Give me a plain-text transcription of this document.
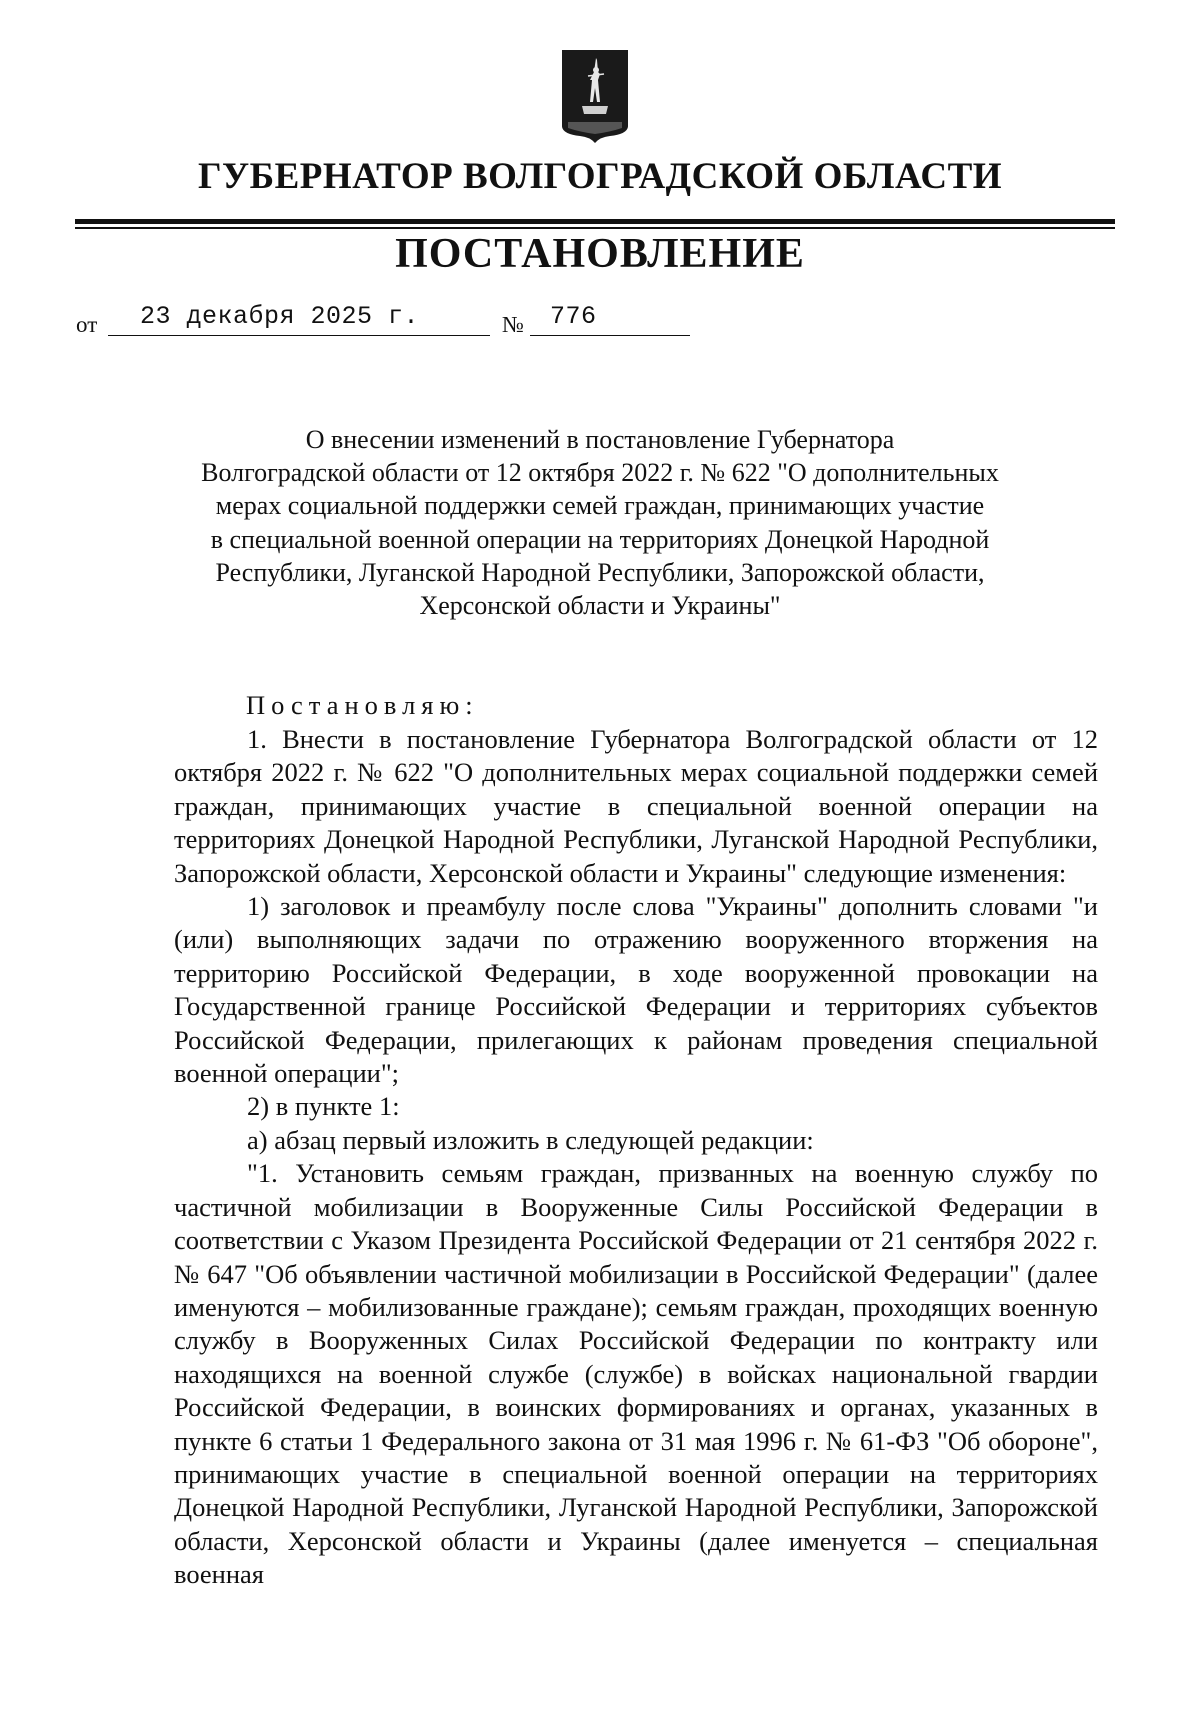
ГУБЕРНАТОР ВОЛГОГРАДСКОЙ ОБЛАСТИ
ПОСТАНОВЛЕНИЕ
от 23 декабря 2025 г.	№ 776
О внесении изменений в постановление Губернатора
Волгоградской области от 12 октября 2022 г. № 622 "О дополнительных
мерах социальной поддержки семей граждан, принимающих участие
в специальной военной операции на территориях Донецкой Народной
Республики, Луганской Народной Республики, Запорожской области,
Херсонской области и Украины"
Постановляю:

1. Внести в постановление Губернатора Волгоградской области от 12 октября 2022 г. № 622 "О дополнительных мерах социальной поддержки семей граждан, принимающих участие в специальной военной операции на территориях Донецкой Народной Республики, Луганской Народной Республики, Запорожской области, Херсонской области и Украины" следующие изменения:

1) заголовок и преамбулу после слова "Украины" дополнить словами "и (или) выполняющих задачи по отражению вооруженного вторжения на территорию Российской Федерации, в ходе вооруженной провокации на Государственной границе Российской Федерации и территориях субъектов Российской Федерации, прилегающих к районам проведения специальной военной операции";

2) в пункте 1:

а) абзац первый изложить в следующей редакции:

"1. Установить семьям граждан, призванных на военную службу по частичной мобилизации в Вооруженные Силы Российской Федерации в соответствии с Указом Президента Российской Федерации от 21 сентября 2022 г. № 647 "Об объявлении частичной мобилизации в Российской Федерации" (далее именуются – мобилизованные граждане); семьям граждан, проходящих военную службу в Вооруженных Силах Российской Федерации по контракту или находящихся на военной службе (службе) в войсках национальной гвардии Российской Федерации, в воинских формированиях и органах, указанных в пункте 6 статьи 1 Федерального закона от 31 мая 1996 г. № 61-ФЗ "Об обороне", принимающих участие в специальной военной операции на территориях Донецкой Народной Республики, Луганской Народной Республики, Запорожской области, Херсонской области и Украины (далее именуется – специальная военная
